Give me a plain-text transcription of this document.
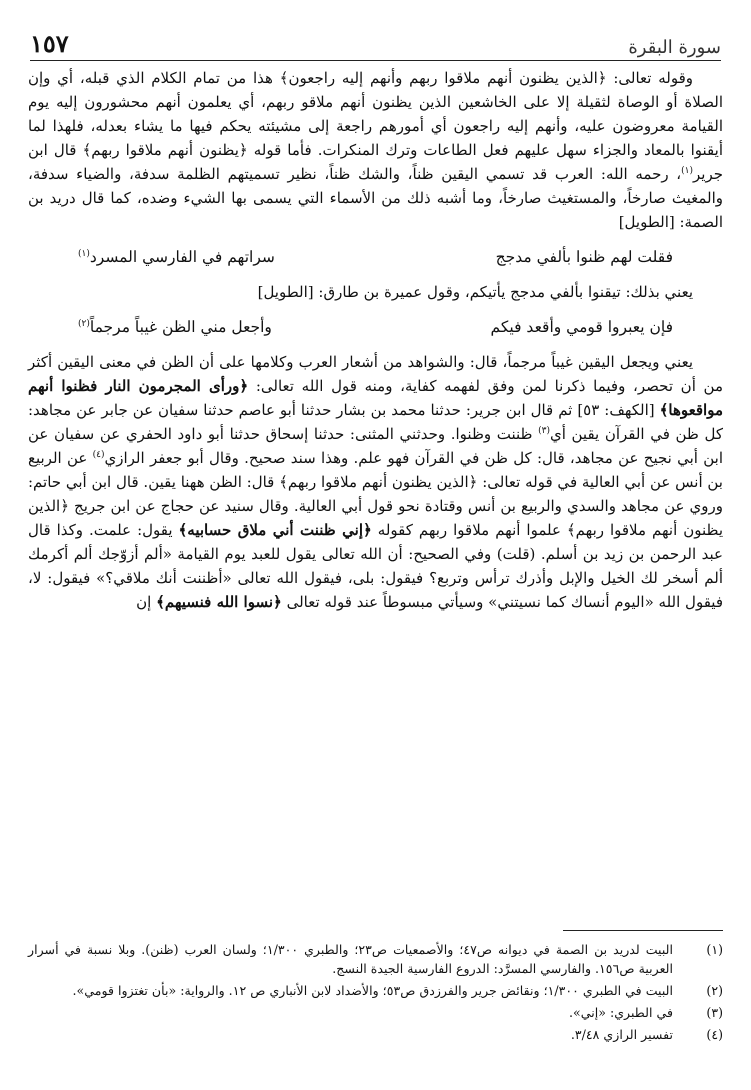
سورة البقرة
١٥٧

وقوله تعالى: ﴿الذين يظنون أنهم ملاقوا ربهم وأنهم إليه راجعون﴾ هذا من تمام الكلام الذي قبله، أي وإن الصلاة أو الوصاة لثقيلة إلا على الخاشعين الذين يظنون أنهم ملاقو ربهم، أي يعلمون أنهم محشورون إليه يوم القيامة معروضون عليه، وأنهم إليه راجعون أي أمورهم راجعة إلى مشيئته يحكم فيها ما يشاء بعدله، فلهذا لما أيقنوا بالمعاد والجزاء سهل عليهم فعل الطاعات وترك المنكرات. فأما قوله ﴿يظنون أنهم ملاقوا ربهم﴾ قال ابن جرير$^{(١)}$، رحمه الله: العرب قد تسمي اليقين ظناً، والشك ظناً، نظير تسميتهم الظلمة سدفة، والضياء سدفة، والمغيث صارخاً، والمستغيث صارخاً، وما أشبه ذلك من الأسماء التي يسمى بها الشيء وضده، كما قال دريد بن الصمة: [الطويل]

فقلت لهم ظنوا بألفي مدجج
سراتهم في الفارسي المسرد$^{(١)}$

يعني بذلك: تيقنوا بألفي مدجج يأتيكم، وقول عميرة بن طارق: [الطويل]

فإن يعبروا قومي وأقعد فيكم
وأجعل مني الظن غيباً مرجماً$^{(٢)}$

يعني ويجعل اليقين غيباً مرجماً، قال: والشواهد من أشعار العرب وكلامها على أن الظن في معنى اليقين أكثر من أن تحصر، وفيما ذكرنا لمن وفق لفهمه كفاية، ومنه قول الله تعالى: ﴿ورأى المجرمون النار فظنوا أنهم مواقعوها﴾ [الكهف: ٥٣] ثم قال ابن جرير: حدثنا محمد بن بشار حدثنا أبو عاصم حدثنا سفيان عن جابر عن مجاهد: كل ظن في القرآن يقين أي$^{(٣)}$ ظننت وظنوا. وحدثني المثنى: حدثنا إسحاق حدثنا أبو داود الحفري عن سفيان عن ابن أبي نجيح عن مجاهد، قال: كل ظن في القرآن فهو علم. وهذا سند صحيح. وقال أبو جعفر الرازي$^{(٤)}$ عن الربيع بن أنس عن أبي العالية في قوله تعالى: ﴿الذين يظنون أنهم ملاقوا ربهم﴾ قال: الظن ههنا يقين. قال ابن أبي حاتم: وروي عن مجاهد والسدي والربيع بن أنس وقتادة نحو قول أبي العالية. وقال سنيد عن حجاج عن ابن جريج ﴿الذين يظنون أنهم ملاقوا ربهم﴾ علموا أنهم ملاقوا ربهم كقوله ﴿إني ظننت أني ملاق حسابيه﴾ يقول: علمت. وكذا قال عبد الرحمن بن زيد بن أسلم. (قلت) وفي الصحيح: أن الله تعالى يقول للعبد يوم القيامة «ألم أزوّجك ألم أكرمك ألم أسخر لك الخيل والإبل وأذرك ترأس وتربع؟ فيقول: بلى، فيقول الله تعالى «أظننت أنك ملاقي؟» فيقول: لا، فيقول الله «اليوم أنساك كما نسيتني» وسيأتي مبسوطاً عند قوله تعالى ﴿نسوا الله فنسيهم﴾ إن

(١)
البيت لدريد بن الصمة في ديوانه ص٤٧؛ والأصمعيات ص٢٣؛ والطبري ١/٣٠٠؛ ولسان العرب (ظنن). وبلا نسبة في أسرار العربية ص١٥٦. والفارسي المسرَّد: الدروع الفارسية الجيدة النسج.
(٢)
البيت في الطبري ١/٣٠٠؛ ونقائض جرير والفرزدق ص٥٣؛ والأضداد لابن الأنباري ص ١٢. والرواية: «بأن تغتزوا قومي».
(٣)
في الطبري: «إني».
(٤)
تفسير الرازي ٣/٤٨.
